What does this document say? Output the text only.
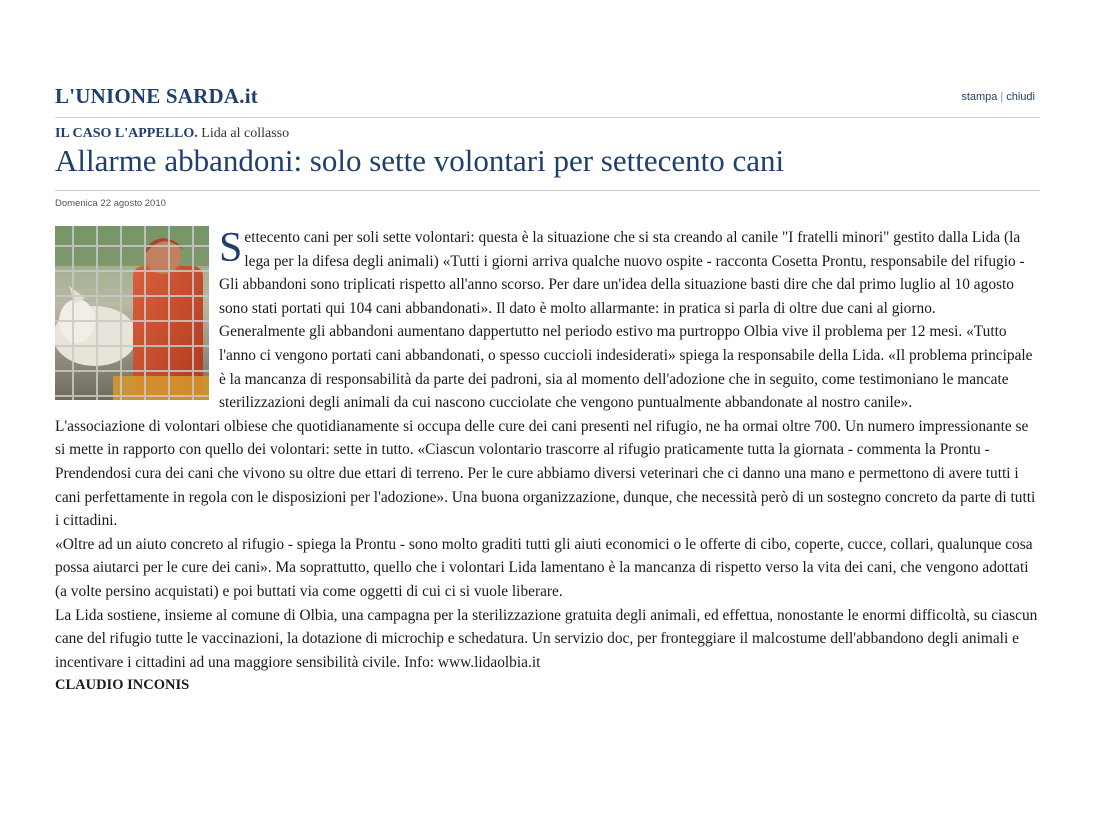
L'UNIONE SARDA.it	stampa | chiudi
IL CASO L'APPELLO. Lida al collasso
Allarme abbandoni: solo sette volontari per settecento cani
Domenica 22 agosto 2010

Settecento cani per soli sette volontari: questa è la situazione che si sta creando al canile "I fratelli minori" gestito dalla Lida (la lega per la difesa degli animali) «Tutti i giorni arriva qualche nuovo ospite - racconta Cosetta Prontu, responsabile del rifugio - Gli abbandoni sono triplicati rispetto all'anno scorso. Per dare un'idea della situazione basti dire che dal primo luglio al 10 agosto sono stati portati qui 104 cani abbandonati». Il dato è molto allarmante: in pratica si parla di oltre due cani al giorno.

Generalmente gli abbandoni aumentano dappertutto nel periodo estivo ma purtroppo Olbia vive il problema per 12 mesi. «Tutto l'anno ci vengono portati cani abbandonati, o spesso cuccioli indesiderati» spiega la responsabile della Lida. «Il problema principale è la mancanza di responsabilità da parte dei padroni, sia al momento dell'adozione che in seguito, come testimoniano le mancate sterilizzazioni degli animali da cui nascono cucciolate che vengono puntualmente abbandonate al nostro canile».

L'associazione di volontari olbiese che quotidianamente si occupa delle cure dei cani presenti nel rifugio, ne ha ormai oltre 700. Un numero impressionante se si mette in rapporto con quello dei volontari: sette in tutto. «Ciascun volontario trascorre al rifugio praticamente tutta la giornata - commenta la Prontu - Prendendosi cura dei cani che vivono su oltre due ettari di terreno. Per le cure abbiamo diversi veterinari che ci danno una mano e permettono di avere tutti i cani perfettamente in regola con le disposizioni per l'adozione». Una buona organizzazione, dunque, che necessità però di un sostegno concreto da parte di tutti i cittadini.

«Oltre ad un aiuto concreto al rifugio - spiega la Prontu - sono molto graditi tutti gli aiuti economici o le offerte di cibo, coperte, cucce, collari, qualunque cosa possa aiutarci per le cure dei cani». Ma soprattutto, quello che i volontari Lida lamentano è la mancanza di rispetto verso la vita dei cani, che vengono adottati (a volte persino acquistati) e poi buttati via come oggetti di cui ci si vuole liberare.

La Lida sostiene, insieme al comune di Olbia, una campagna per la sterilizzazione gratuita degli animali, ed effettua, nonostante le enormi difficoltà, su ciascun cane del rifugio tutte le vaccinazioni, la dotazione di microchip e schedatura. Un servizio doc, per fronteggiare il malcostume dell'abbandono degli animali e incentivare i cittadini ad una maggiore sensibilità civile. Info: www.lidaolbia.it

CLAUDIO INCONIS
